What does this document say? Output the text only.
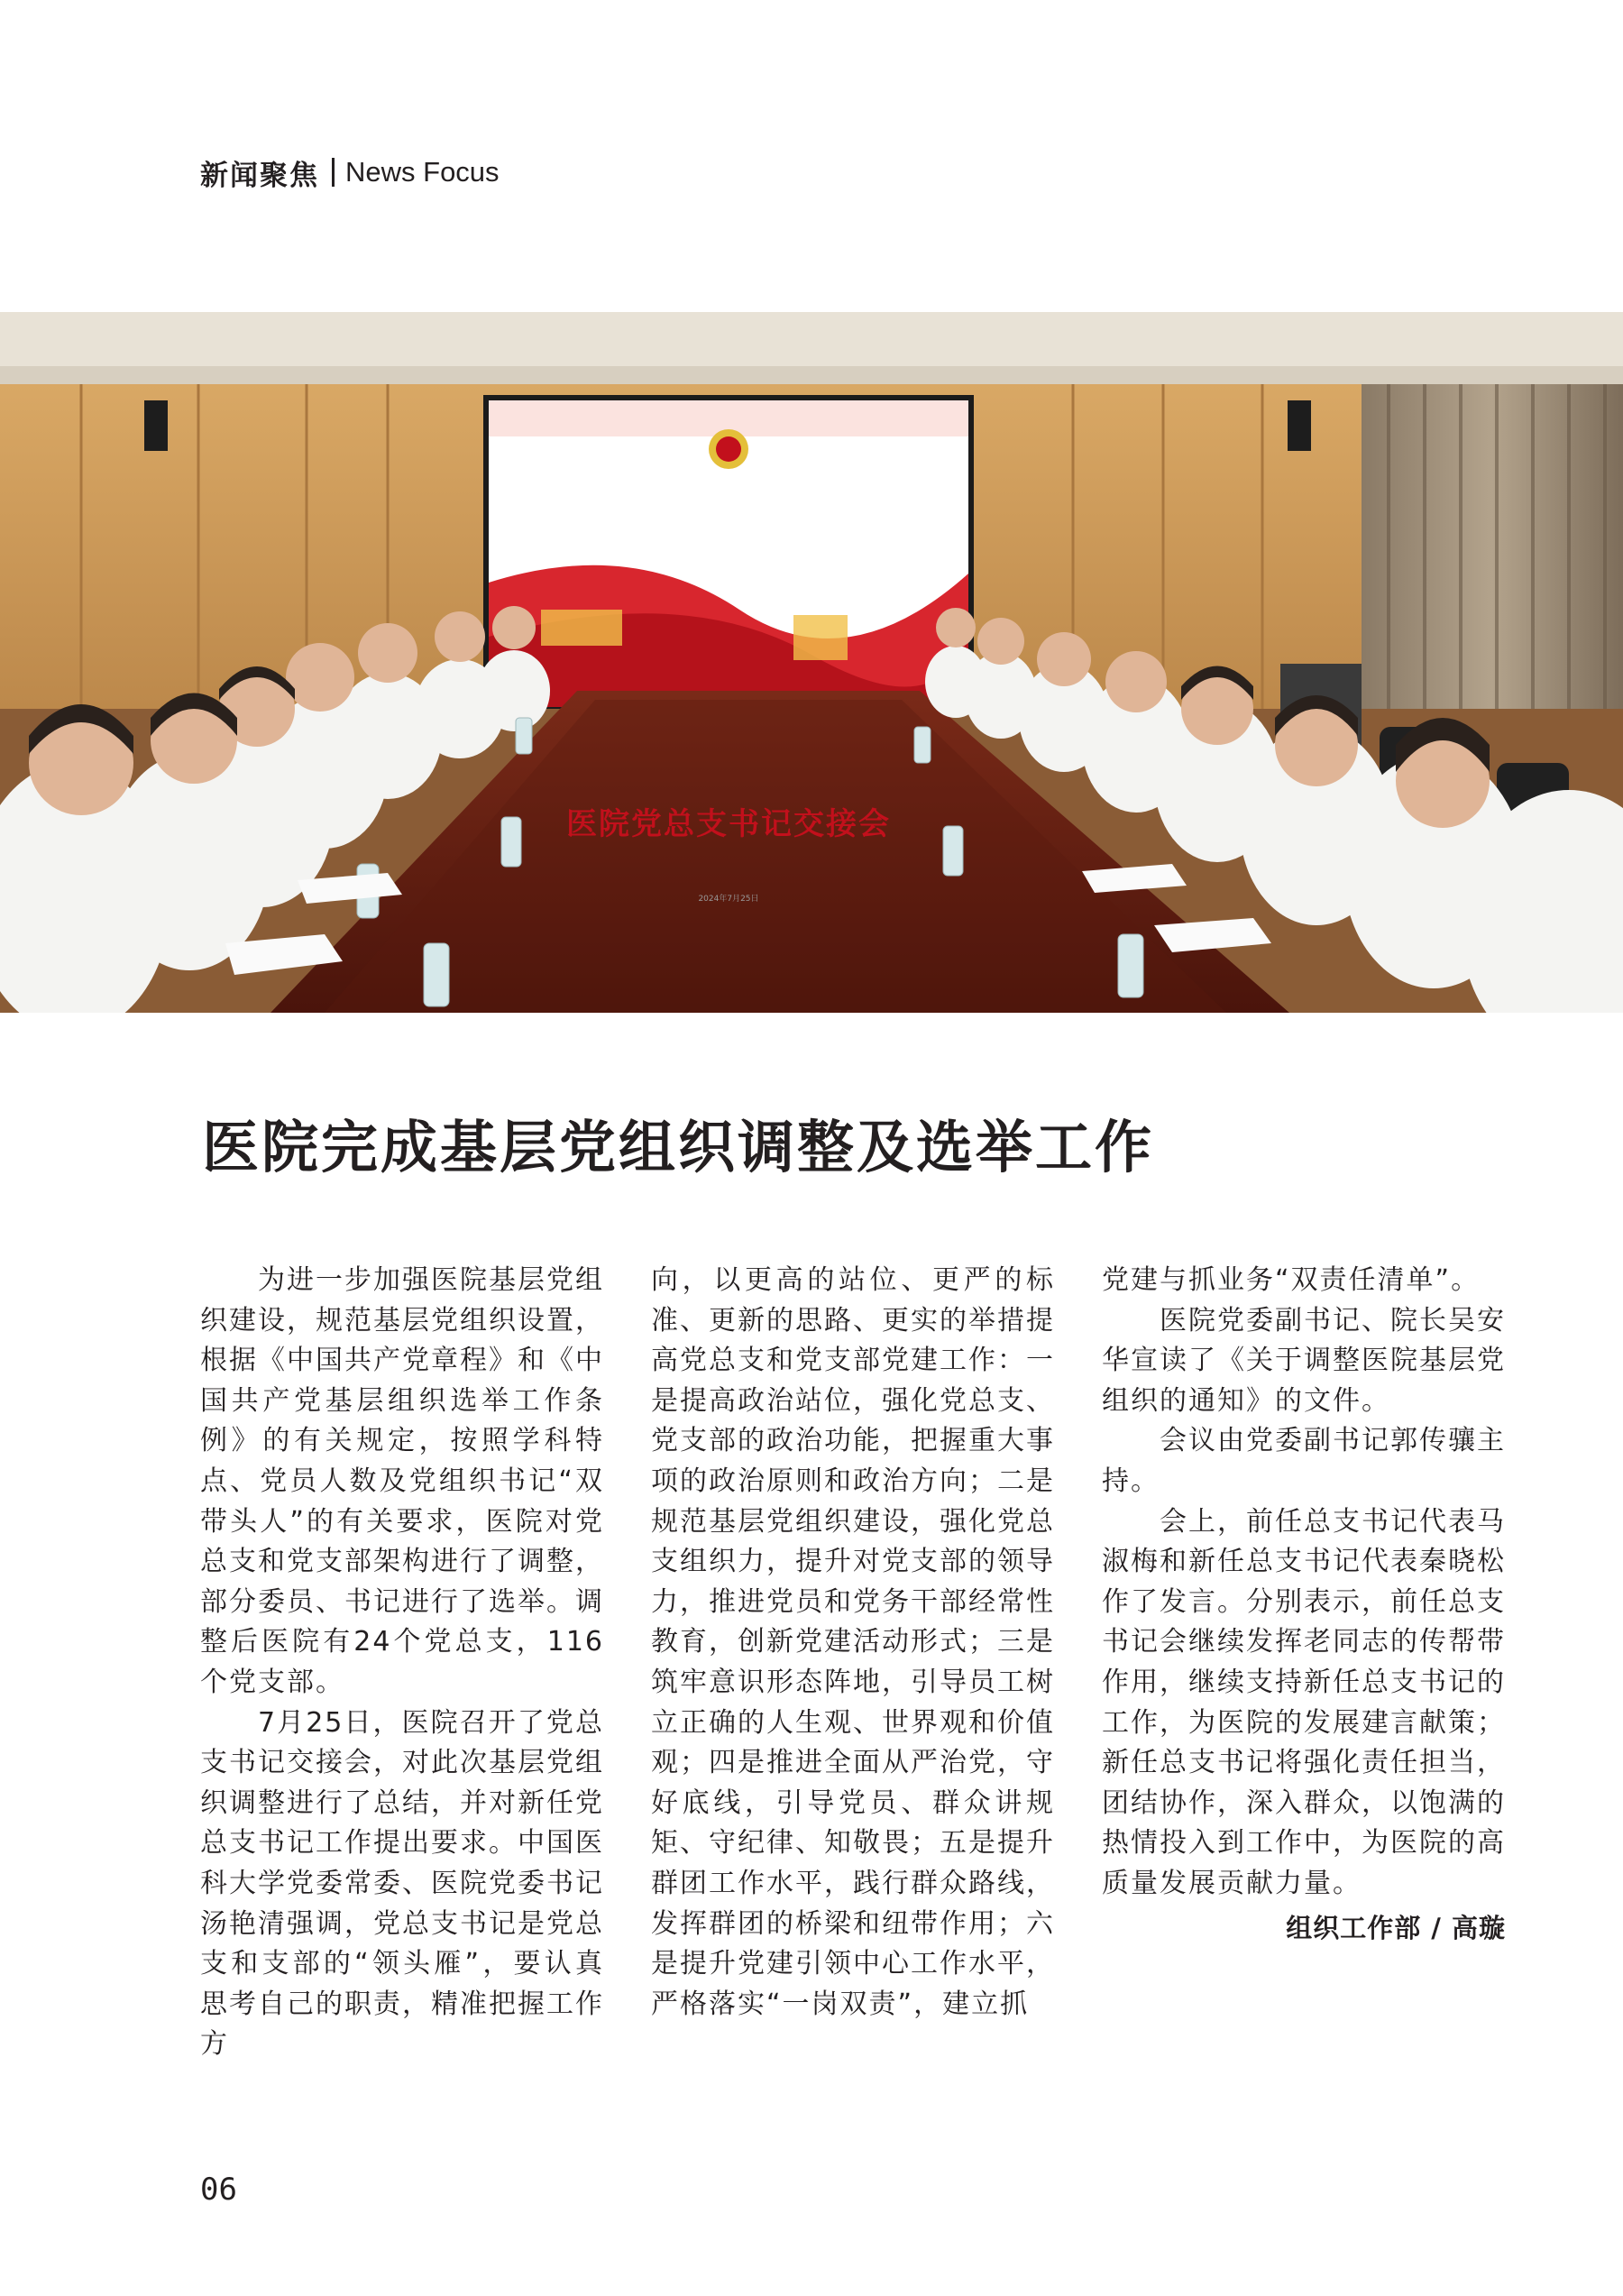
新闻聚焦 News Focus
医院党总支书记交接会
2024年7月25日
医院完成基层党组织调整及选举工作

为进一步加强医院基层党组织建设，规范基层党组织设置，根据《中国共产党章程》和《中国共产党基层组织选举工作条例》的有关规定，按照学科特点、党员人数及党组织书记“双带头人”的有关要求，医院对党总支和党支部架构进行了调整，部分委员、书记进行了选举。调整后医院有24个党总支，116个党支部。

7月25日，医院召开了党总支书记交接会，对此次基层党组织调整进行了总结，并对新任党总支书记工作提出要求。中国医科大学党委常委、医院党委书记汤艳清强调，党总支书记是党总支和支部的“领头雁”，要认真思考自己的职责，精准把握工作方

向，以更高的站位、更严的标准、更新的思路、更实的举措提高党总支和党支部党建工作：一是提高政治站位，强化党总支、党支部的政治功能，把握重大事项的政治原则和政治方向；二是规范基层党组织建设，强化党总支组织力，提升对党支部的领导力，推进党员和党务干部经常性教育，创新党建活动形式；三是筑牢意识形态阵地，引导员工树立正确的人生观、世界观和价值观；四是推进全面从严治党，守好底线，引导党员、群众讲规矩、守纪律、知敬畏；五是提升群团工作水平，践行群众路线，发挥群团的桥梁和纽带作用；六是提升党建引领中心工作水平，严格落实“一岗双责”，建立抓

党建与抓业务“双责任清单”。

医院党委副书记、院长吴安华宣读了《关于调整医院基层党组织的通知》的文件。

会议由党委副书记郭传骧主持。

会上，前任总支书记代表马淑梅和新任总支书记代表秦晓松作了发言。分别表示，前任总支书记会继续发挥老同志的传帮带作用，继续支持新任总支书记的工作，为医院的发展建言献策；新任总支书记将强化责任担当，团结协作，深入群众，以饱满的热情投入到工作中，为医院的高质量发展贡献力量。

组织工作部 / 高璇
06
